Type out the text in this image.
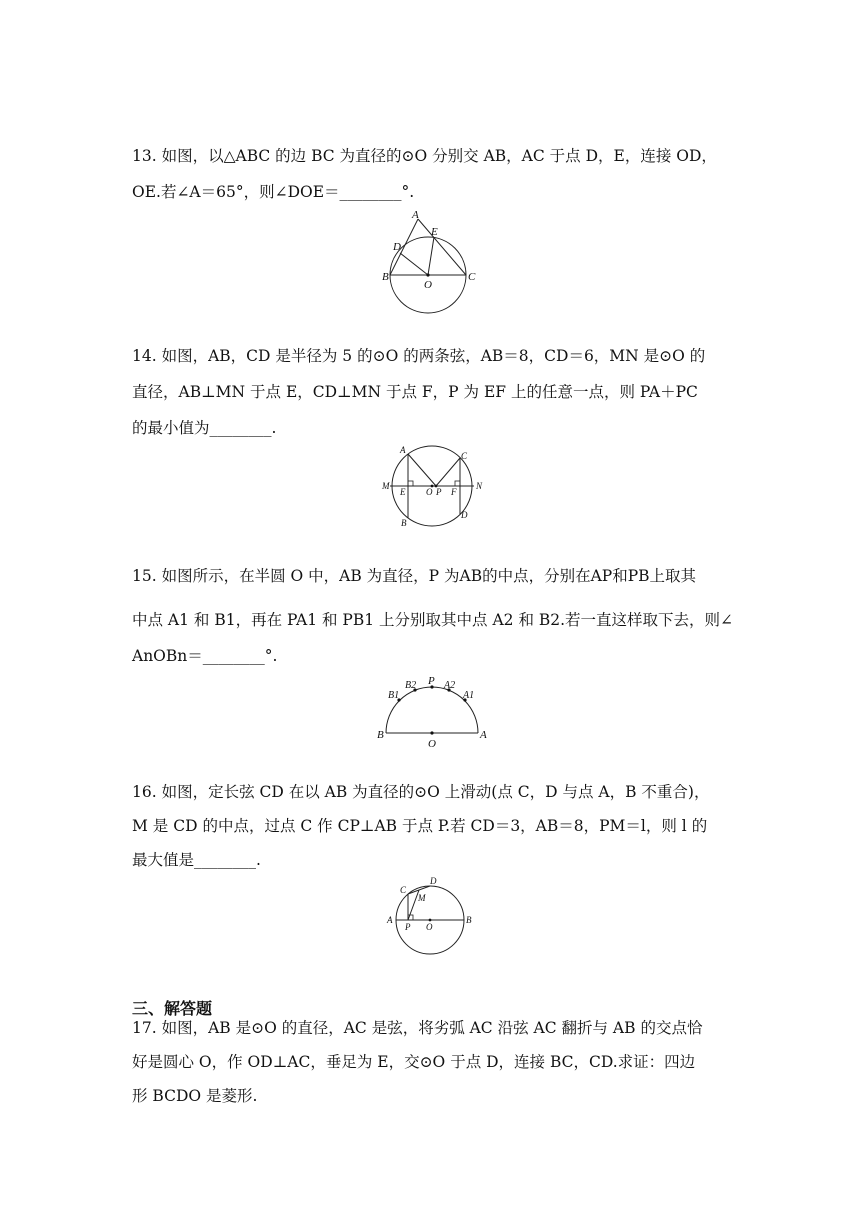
13. 如图，以△ABC 的边 BC 为直径的⊙O 分别交 AB，AC 于点 D，E，连接 OD，
OE.若∠A＝65°，则∠DOE＝________°.
A
E
D
B	C
O
14. 如图，AB，CD 是半径为 5 的⊙O 的两条弦，AB＝8，CD＝6，MN 是⊙O 的
直径，AB⊥MN 于点 E，CD⊥MN 于点 F，P 为 EF 上的任意一点，则 PA＋PC
的最小值为________.
A
C
M	N
E O P F
B
D
15. 如图所示，在半圆 O 中，AB 为直径，P 为AB的中点，分别在AP和PB上取其
中点 A1 和 B1，再在 PA1 和 PB1 上分别取其中点 A2 和 B2.若一直这样取下去，则∠
AnOBn＝________°.
B	A
O
P
B1
B2	A2
A1
16. 如图，定长弦 CD 在以 AB 为直径的⊙O 上滑动(点 C，D 与点 A，B 不重合)，
M 是 CD 的中点，过点 C 作 CP⊥AB 于点 P.若 CD＝3，AB＝8，PM＝l，则 l 的
最大值是________.
C
D
M
A	B
P O
三、解答题
17. 如图，AB 是⊙O 的直径，AC 是弦，将劣弧 AC 沿弦 AC 翻折与 AB 的交点恰
好是圆心 O，作 OD⊥AC，垂足为 E，交⊙O 于点 D，连接 BC，CD.求证：四边
形 BCDO 是菱形.
